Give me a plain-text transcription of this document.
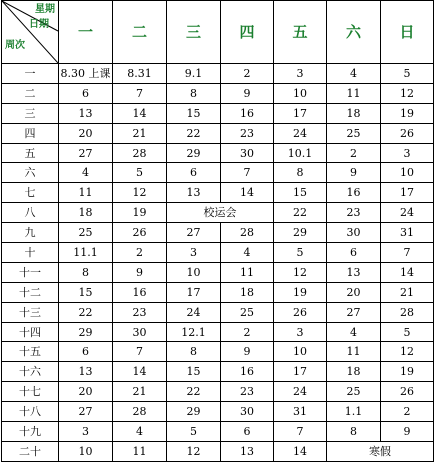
星期
日期
周次	一	二	三	四	五	六	日
一	8.30 上课	8.31	9.1	2	3	4	5
二	6	7	8	9	10	11	12
三	13	14	15	16	17	18	19
四	20	21	22	23	24	25	26
五	27	28	29	30	10.1	2	3
六	4	5	6	7	8	9	10
七	11	12	13	14	15	16	17
八	18	19	校运会		22	23	24
九	25	26	27	28	29	30	31
十	11.1	2	3	4	5	6	7
十一	8	9	10	11	12	13	14
十二	15	16	17	18	19	20	21
十三	22	23	24	25	26	27	28
十四	29	30	12.1	2	3	4	5
十五	6	7	8	9	10	11	12
十六	13	14	15	16	17	18	19
十七	20	21	22	23	24	25	26
十八	27	28	29	30	31	1.1	2
十九	3	4	5	6	7	8	9
二十	10	11	12	13	14	寒假	
